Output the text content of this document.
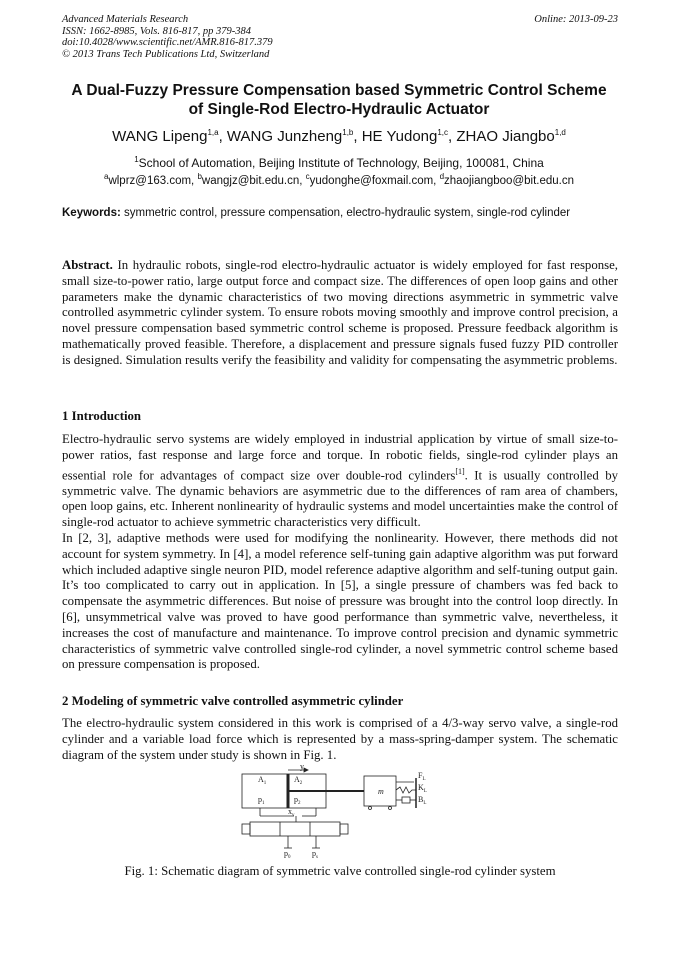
Advanced Materials Research
ISSN: 1662-8985, Vols. 816-817, pp 379-384
doi:10.4028/www.scientific.net/AMR.816-817.379
© 2013 Trans Tech Publications Ltd, Switzerland
Online: 2013-09-23
A Dual-Fuzzy Pressure Compensation based Symmetric Control Scheme
of Single-Rod Electro-Hydraulic Actuator
WANG Lipeng$^{1,a}$, WANG Junzheng$^{1,b}$, HE Yudong$^{1,c}$, ZHAO Jiangbo$^{1,d}$
$^1$School of Automation, Beijing Institute of Technology, Beijing, 100081, China
$^a$wlprz@163.com, $^b$wangjz@bit.edu.cn, $^c$yudonghe@foxmail.com, $^d$zhaojiangboo@bit.edu.cn
Keywords: symmetric control, pressure compensation, electro-hydraulic system, single-rod cylinder

Abstract. In hydraulic robots, single-rod electro-hydraulic actuator is widely employed for fast response, small size-to-power ratio, large output force and compact size. The differences of open loop gains and other parameters make the dynamic characteristics of two moving directions asymmetric in symmetric valve controlled asymmetric cylinder system. To ensure robots moving smoothly and improve control precision, a novel pressure compensation based symmetric control scheme is proposed. Pressure feedback algorithm is mathematically proved feasible. Therefore, a displacement and pressure signals fused fuzzy PID controller is designed. Simulation results verify the feasibility and validity for compensating the asymmetric problems.

1 Introduction

Electro-hydraulic servo systems are widely employed in industrial application by virtue of small size-to-power ratios, fast response and large force and torque. In robotic fields, single-rod cylinder plays an essential role for advantages of compact size over double-rod cylinders[1]. It is usually controlled by symmetric valve. The dynamic behaviors are asymmetric due to the differences of ram area of chambers, open loop gains, etc. Inherent nonlinearity of hydraulic systems and model uncertainties make the control of single-rod actuator to achieve symmetric characteristics very difficult.

In [2, 3], adaptive methods were used for modifying the nonlinearity. However, there methods did not account for system symmetry. In [4], a model reference self-tuning gain adaptive algorithm was put forward which included adaptive single neuron PID, model reference adaptive algorithm and self-tuning output gain. It’s too complicated to carry out in application. In [5], a single pressure of chambers was fed back to compensate the asymmetric differences. But noise of pressure was brought into the control loop directly. In [6], unsymmetrical valve was proved to have good performance than symmetric valve, nevertheless, it increases the cost of manufacture and maintenance. To improve control precision and dynamic symmetric characteristics of symmetric valve controlled single-rod cylinder, a novel symmetric control scheme based on pressure compensation is proposed.

2 Modeling of symmetric valve controlled asymmetric cylinder

The electro-hydraulic system considered in this work is comprised of a 4/3-way servo valve, a single-rod cylinder and a variable load force which is represented by a mass-spring-damper system. The schematic diagram of the system under study is shown in Fig. 1.

y
$A_1$	$A_2$
$p_1$	$p_2$
m
$F_L$
$K_L$
$B_L$
$x_v$
$p_0$	$p_s$
Fig. 1: Schematic diagram of symmetric valve controlled single-rod cylinder system
